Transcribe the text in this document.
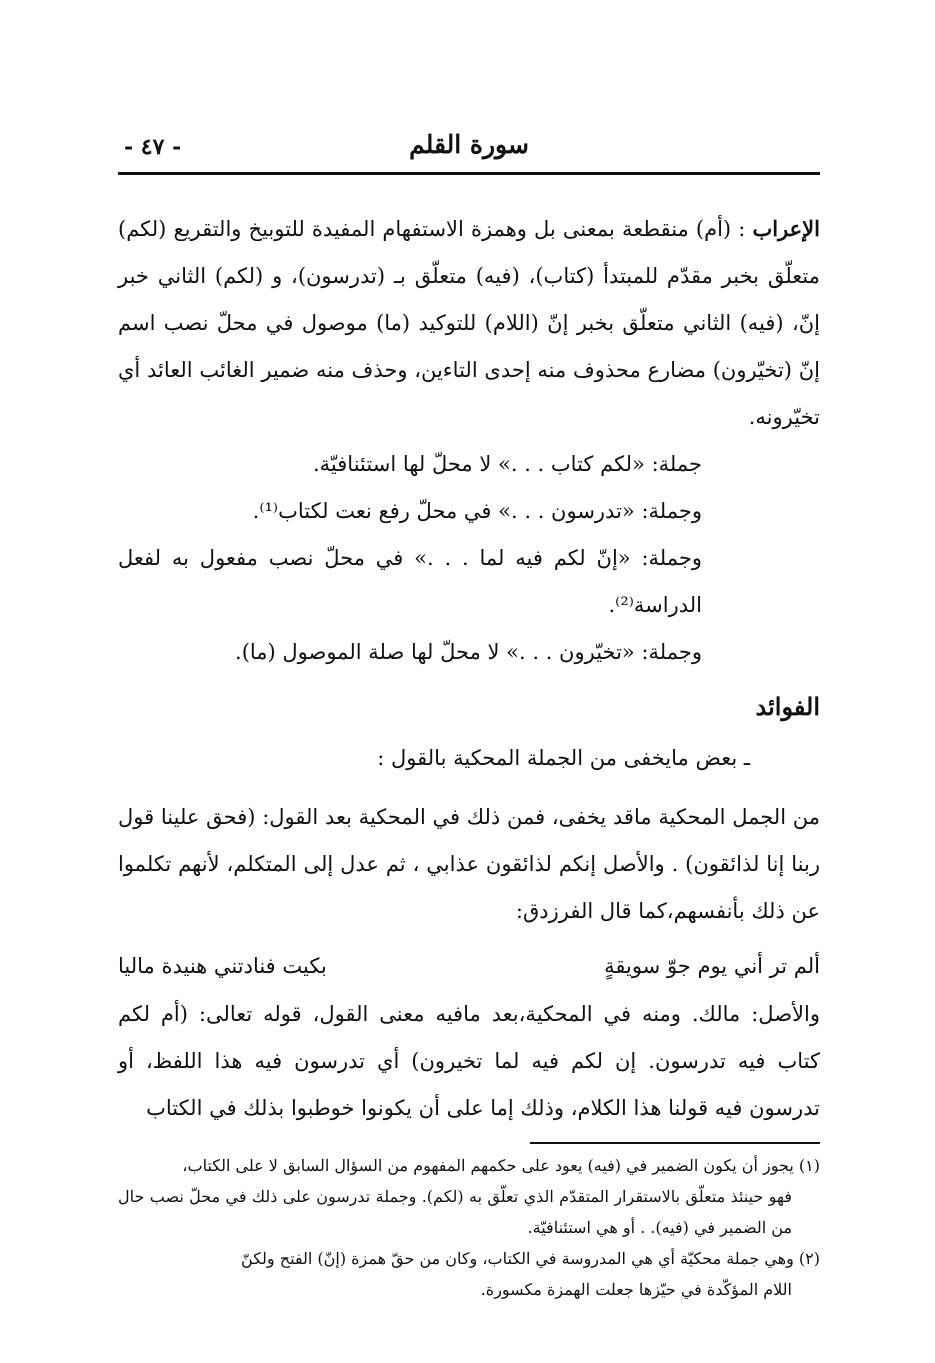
سورة القلم
- ٤٧ -

الإعراب : (أم) منقطعة بمعنى بل وهمزة الاستفهام المفيدة للتوبيخ والتقريع (لكم) متعلّق بخبر مقدّم للمبتدأ (كتاب)، (فيه) متعلّق بـ (تدرسون)، و (لكم) الثاني خبر إنّ، (فيه) الثاني متعلّق بخبر إنّ (اللام) للتوكيد (ما) موصول في محلّ نصب اسم إنّ (تخيّرون) مضارع محذوف منه إحدى التاءين، وحذف منه ضمير الغائب العائد أي تخيّرونه.

جملة: «لكم كتاب . . .» لا محلّ لها استئنافيّة.

وجملة: «تدرسون . . .» في محلّ رفع نعت لكتاب⁽¹⁾.

وجملة: «إنّ لكم فيه لما . . .» في محلّ نصب مفعول به لفعل الدراسة⁽²⁾.

وجملة: «تخيّرون . . .» لا محلّ لها صلة الموصول (ما).

الفوائد

ـ بعض مايخفى من الجملة المحكية بالقول :

من الجمل المحكية ماقد يخفى، فمن ذلك في المحكية بعد القول: (فحق علينا قول ربنا إنا لذائقون) . والأصل إنكم لذائقون عذابي ، ثم عدل إلى المتكلم، لأنهم تكلموا عن ذلك بأنفسهم،كما قال الفرزدق:

ألم تر أني يوم جوّ سويقةٍ
بكيت فنادتني هنيدة ماليا

والأصل: مالك. ومنه في المحكية،بعد مافيه معنى القول، قوله تعالى: (أم لكم كتاب فيه تدرسون. إن لكم فيه لما تخيرون) أي تدرسون فيه هذا اللفظ، أو تدرسون فيه قولنا هذا الكلام، وذلك إما على أن يكونوا خوطبوا بذلك في الكتاب

(١) يجوز أن يكون الضمير في (فيه) يعود على حكمهم المفهوم من السؤال السابق لا على الكتاب،

فهو حينئذ متعلّق بالاستقرار المتقدّم الذي تعلّق به (لكم). وجملة تدرسون على ذلك في محلّ نصب حال من الضمير في (فيه). . أو هي استئنافيّة.

(٢) وهي جملة محكيّة أي هي المدروسة في الكتاب، وكان من حقّ همزة (إنّ) الفتح ولكنّ

اللام المؤكّدة في حيّزها جعلت الهمزة مكسورة.
